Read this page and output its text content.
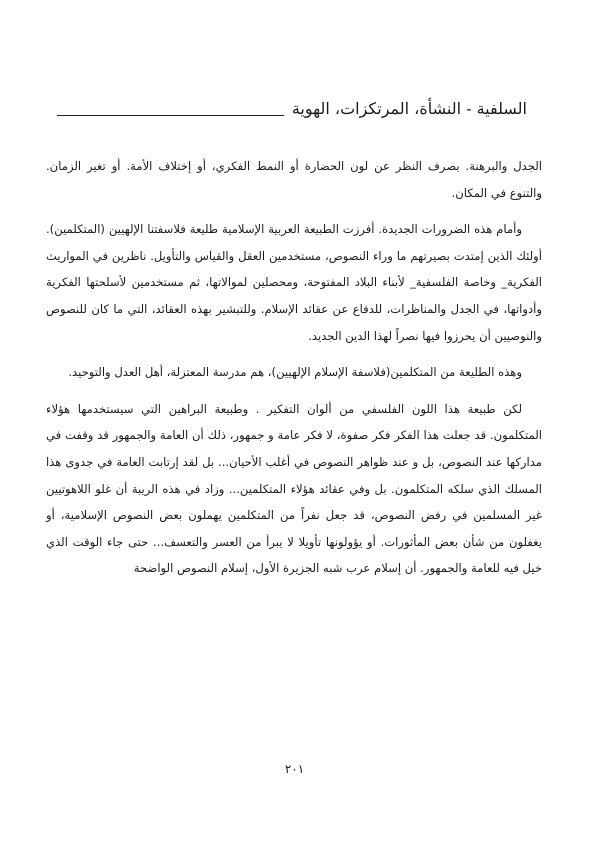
السلفية - النشأة، المرتكزات، الهوية

الجدل والبرهنة. بصرف النظر عن لون الحضارة أو النمط الفكري، أو إختلاف الأمة. أو تغير الزمان. والتنوع في المكان.

وأمام هذه الضرورات الجديدة. أفرزت الطبيعة العربية الإسلامية طليعة فلاسفتنا الإلهيين (المتكلمين). أولئك الذين إمتدت بصيرتهم ما وراء النصوص، مستخدمين العقل والقياس والتأويل. ناظرين في المواريث الفكرية_ وخاصة الفلسفية_ لأبناء البلاد المفتوحة، ومحصلين لموالاتها، ثم مستخدمين لأسلحتها الفكرية وأدواتها، في الجدل والمناظرات، للدفاع عن عقائد الإسلام. وللتبشير بهذه العقائد، التي ما كان للنصوص والنوصيين أن يحرزوا فيها نصراً لهذا الدين الجديد.

وهذه الطليعة من المتكلمين(فلاسفة الإسلام الإلهيين)، هم مدرسة المعتزلة، أهل العدل والتوحيد.

لكن طبيعة هذا اللون الفلسفي من ألوان التفكير . وطبيعة البراهين التي سيستخدمها هؤلاء المتكلمون. قد جعلت هذا الفكر فكر صفوة، لا فكر عامة و جمهور، ذلك أن العامة والجمهور قد وقفت في مداركها عند النصوص، بل و عند ظواهر النصوص في أغلب الأحيان... بل لقد إرتابت العامة في جدوى هذا المسلك الذي سلكه المتكلمون. بل وفي عقائد هؤلاء المتكلمين... وزاد في هذه الريبة أن غلو اللاهوتيين غير المسلمين في رفض النصوص، قد جعل نفراً من المتكلمين يهملون بعض النصوص الإسلامية، أو يغفلون من شأن بعض المأثورات. أو يؤولونها تأويلا لا يبرأ من العسر والتعسف... حتى جاء الوقت الذي خيل فيه للعامة والجمهور. أن إسلام عرب شبه الجزيرة الأول، إسلام النصوص الواضحة

٢٠١
